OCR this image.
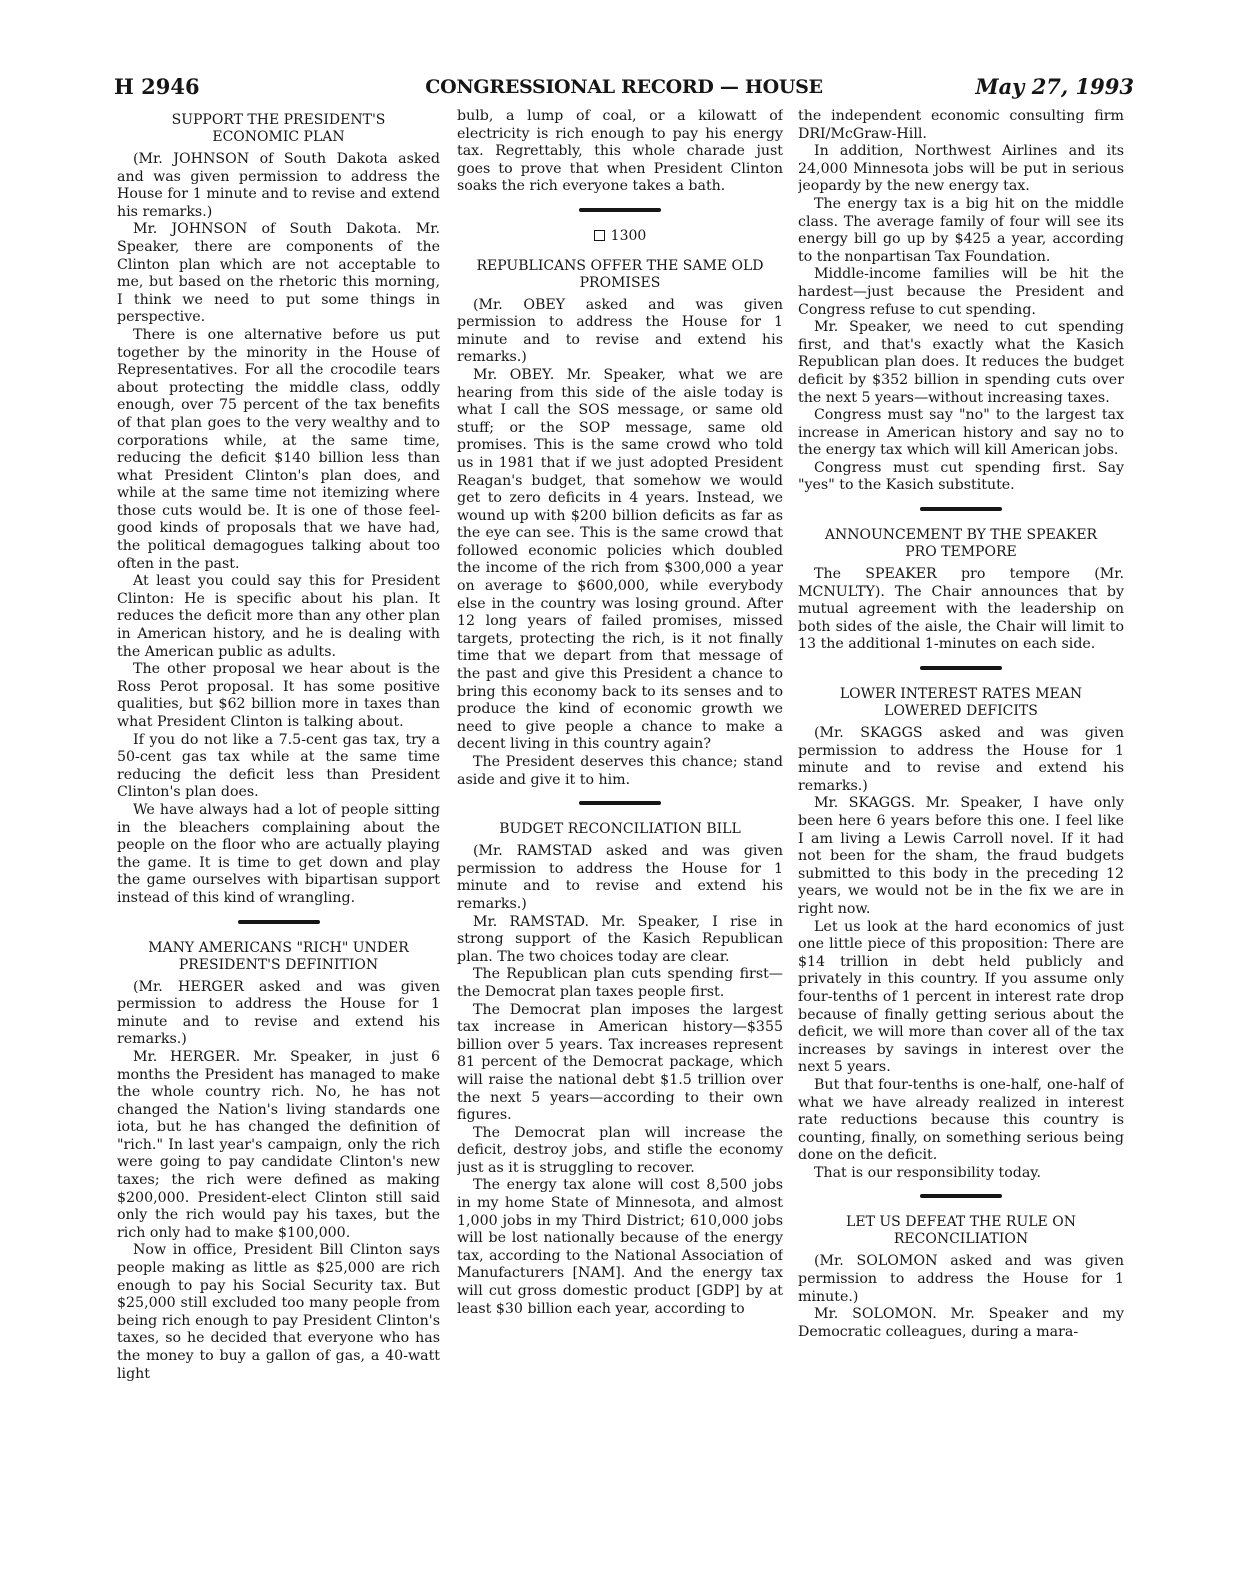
H 2946	CONGRESSIONAL RECORD — HOUSE	May 27, 1993
SUPPORT THE PRESIDENT'S ECONOMIC PLAN

(Mr. JOHNSON of South Dakota asked and was given permission to address the House for 1 minute and to revise and extend his remarks.)

Mr. JOHNSON of South Dakota. Mr. Speaker, there are components of the Clinton plan which are not acceptable to me, but based on the rhetoric this morning, I think we need to put some things in perspective.

There is one alternative before us put together by the minority in the House of Representatives. For all the crocodile tears about protecting the middle class, oddly enough, over 75 percent of the tax benefits of that plan goes to the very wealthy and to corporations while, at the same time, reducing the deficit $140 billion less than what President Clinton's plan does, and while at the same time not itemizing where those cuts would be. It is one of those feel-good kinds of proposals that we have had, the political demagogues talking about too often in the past.

At least you could say this for President Clinton: He is specific about his plan. It reduces the deficit more than any other plan in American history, and he is dealing with the American public as adults.

The other proposal we hear about is the Ross Perot proposal. It has some positive qualities, but $62 billion more in taxes than what President Clinton is talking about.

If you do not like a 7.5-cent gas tax, try a 50-cent gas tax while at the same time reducing the deficit less than President Clinton's plan does.

We have always had a lot of people sitting in the bleachers complaining about the people on the floor who are actually playing the game. It is time to get down and play the game ourselves with bipartisan support instead of this kind of wrangling.

MANY AMERICANS "RICH" UNDER PRESIDENT'S DEFINITION

(Mr. HERGER asked and was given permission to address the House for 1 minute and to revise and extend his remarks.)

Mr. HERGER. Mr. Speaker, in just 6 months the President has managed to make the whole country rich. No, he has not changed the Nation's living standards one iota, but he has changed the definition of "rich." In last year's campaign, only the rich were going to pay candidate Clinton's new taxes; the rich were defined as making $200,000. President-elect Clinton still said only the rich would pay his taxes, but the rich only had to make $100,000.

Now in office, President Bill Clinton says people making as little as $25,000 are rich enough to pay his Social Security tax. But $25,000 still excluded too many people from being rich enough to pay President Clinton's taxes, so he decided that everyone who has the money to buy a gallon of gas, a 40-watt light

bulb, a lump of coal, or a kilowatt of electricity is rich enough to pay his energy tax. Regrettably, this whole charade just goes to prove that when President Clinton soaks the rich everyone takes a bath.

1300
REPUBLICANS OFFER THE SAME OLD PROMISES

(Mr. OBEY asked and was given permission to address the House for 1 minute and to revise and extend his remarks.)

Mr. OBEY. Mr. Speaker, what we are hearing from this side of the aisle today is what I call the SOS message, or same old stuff; or the SOP message, same old promises. This is the same crowd who told us in 1981 that if we just adopted President Reagan's budget, that somehow we would get to zero deficits in 4 years. Instead, we wound up with $200 billion deficits as far as the eye can see. This is the same crowd that followed economic policies which doubled the income of the rich from $300,000 a year on average to $600,000, while everybody else in the country was losing ground. After 12 long years of failed promises, missed targets, protecting the rich, is it not finally time that we depart from that message of the past and give this President a chance to bring this economy back to its senses and to produce the kind of economic growth we need to give people a chance to make a decent living in this country again?

The President deserves this chance; stand aside and give it to him.

BUDGET RECONCILIATION BILL

(Mr. RAMSTAD asked and was given permission to address the House for 1 minute and to revise and extend his remarks.)

Mr. RAMSTAD. Mr. Speaker, I rise in strong support of the Kasich Republican plan. The two choices today are clear.

The Republican plan cuts spending first—the Democrat plan taxes people first.

The Democrat plan imposes the largest tax increase in American history—$355 billion over 5 years. Tax increases represent 81 percent of the Democrat package, which will raise the national debt $1.5 trillion over the next 5 years—according to their own figures.

The Democrat plan will increase the deficit, destroy jobs, and stifle the economy just as it is struggling to recover.

The energy tax alone will cost 8,500 jobs in my home State of Minnesota, and almost 1,000 jobs in my Third District; 610,000 jobs will be lost nationally because of the energy tax, according to the National Association of Manufacturers [NAM]. And the energy tax will cut gross domestic product [GDP] by at least $30 billion each year, according to

the independent economic consulting firm DRI/McGraw-Hill.

In addition, Northwest Airlines and its 24,000 Minnesota jobs will be put in serious jeopardy by the new energy tax.

The energy tax is a big hit on the middle class. The average family of four will see its energy bill go up by $425 a year, according to the nonpartisan Tax Foundation.

Middle-income families will be hit the hardest—just because the President and Congress refuse to cut spending.

Mr. Speaker, we need to cut spending first, and that's exactly what the Kasich Republican plan does. It reduces the budget deficit by $352 billion in spending cuts over the next 5 years—without increasing taxes.

Congress must say "no" to the largest tax increase in American history and say no to the energy tax which will kill American jobs.

Congress must cut spending first. Say "yes" to the Kasich substitute.

ANNOUNCEMENT BY THE SPEAKER PRO TEMPORE

The SPEAKER pro tempore (Mr. MCNULTY). The Chair announces that by mutual agreement with the leadership on both sides of the aisle, the Chair will limit to 13 the additional 1-minutes on each side.

LOWER INTEREST RATES MEAN LOWERED DEFICITS

(Mr. SKAGGS asked and was given permission to address the House for 1 minute and to revise and extend his remarks.)

Mr. SKAGGS. Mr. Speaker, I have only been here 6 years before this one. I feel like I am living a Lewis Carroll novel. If it had not been for the sham, the fraud budgets submitted to this body in the preceding 12 years, we would not be in the fix we are in right now.

Let us look at the hard economics of just one little piece of this proposition: There are $14 trillion in debt held publicly and privately in this country. If you assume only four-tenths of 1 percent in interest rate drop because of finally getting serious about the deficit, we will more than cover all of the tax increases by savings in interest over the next 5 years.

But that four-tenths is one-half, one-half of what we have already realized in interest rate reductions because this country is counting, finally, on something serious being done on the deficit.

That is our responsibility today.

LET US DEFEAT THE RULE ON RECONCILIATION

(Mr. SOLOMON asked and was given permission to address the House for 1 minute.)

Mr. SOLOMON. Mr. Speaker and my Democratic colleagues, during a mara-
